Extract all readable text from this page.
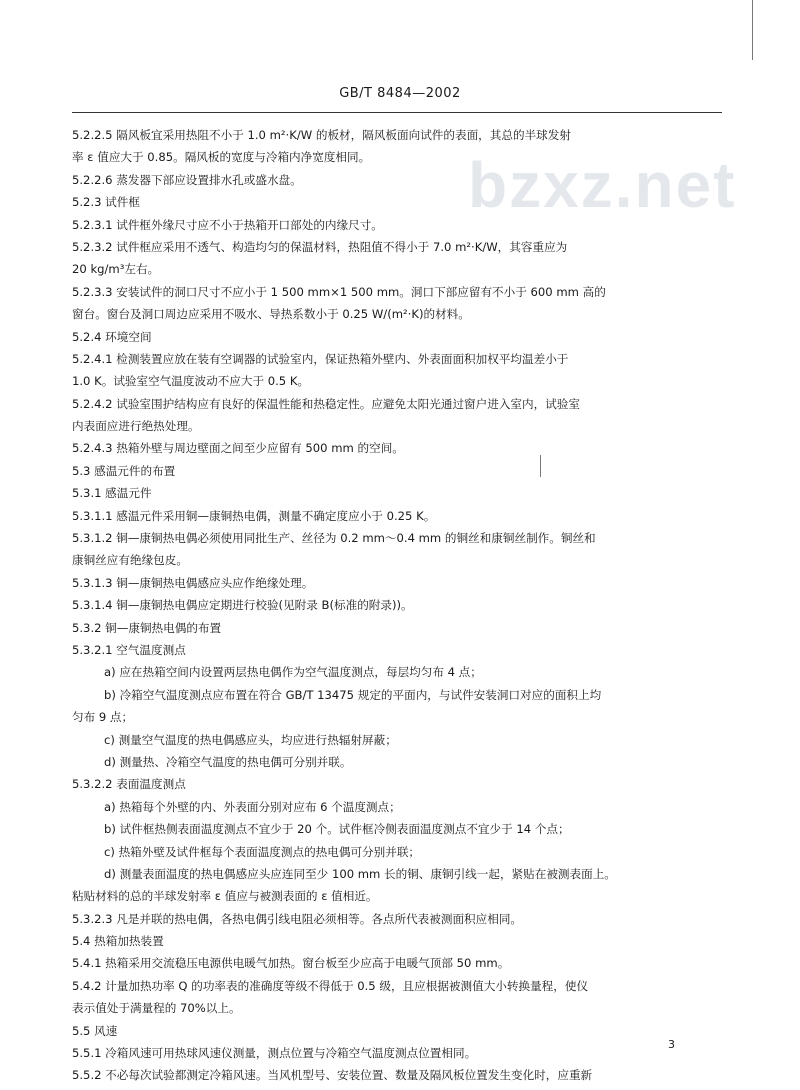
GB/T 8484—2002
bzxz.net
5.2.2.5 隔风板宜采用热阻不小于 1.0 m²·K/W 的板材，隔风板面向试件的表面，其总的半球发射
率 ε 值应大于 0.85。隔风板的宽度与冷箱内净宽度相同。
5.2.2.6 蒸发器下部应设置排水孔或盛水盘。
5.2.3 试件框
5.2.3.1 试件框外缘尺寸应不小于热箱开口部处的内缘尺寸。
5.2.3.2 试件框应采用不透气、构造均匀的保温材料，热阻值不得小于 7.0 m²·K/W，其容重应为
20 kg/m³左右。
5.2.3.3 安装试件的洞口尺寸不应小于 1 500 mm×1 500 mm。洞口下部应留有不小于 600 mm 高的
窗台。窗台及洞口周边应采用不吸水、导热系数小于 0.25 W/(m²·K)的材料。
5.2.4 环境空间
5.2.4.1 检测装置应放在装有空调器的试验室内，保证热箱外壁内、外表面面积加权平均温差小于
1.0 K。试验室空气温度波动不应大于 0.5 K。
5.2.4.2 试验室围护结构应有良好的保温性能和热稳定性。应避免太阳光通过窗户进入室内，试验室
内表面应进行绝热处理。
5.2.4.3 热箱外壁与周边壁面之间至少应留有 500 mm 的空间。
5.3 感温元件的布置
5.3.1 感温元件
5.3.1.1 感温元件采用铜—康铜热电偶，测量不确定度应小于 0.25 K。
5.3.1.2 铜—康铜热电偶必须使用同批生产、丝径为 0.2 mm～0.4 mm 的铜丝和康铜丝制作。铜丝和
康铜丝应有绝缘包皮。
5.3.1.3 铜—康铜热电偶感应头应作绝缘处理。
5.3.1.4 铜—康铜热电偶应定期进行校验(见附录 B(标准的附录))。
5.3.2 铜—康铜热电偶的布置
5.3.2.1 空气温度测点
a) 应在热箱空间内设置两层热电偶作为空气温度测点，每层均匀布 4 点；
b) 冷箱空气温度测点应布置在符合 GB/T 13475 规定的平面内，与试件安装洞口对应的面积上均
匀布 9 点；
c) 测量空气温度的热电偶感应头，均应进行热辐射屏蔽；
d) 测量热、冷箱空气温度的热电偶可分别并联。
5.3.2.2 表面温度测点
a) 热箱每个外壁的内、外表面分别对应布 6 个温度测点；
b) 试件框热侧表面温度测点不宜少于 20 个。试件框冷侧表面温度测点不宜少于 14 个点；
c) 热箱外壁及试件框每个表面温度测点的热电偶可分别并联；
d) 测量表面温度的热电偶感应头应连同至少 100 mm 长的铜、康铜引线一起，紧贴在被测表面上。
粘贴材料的总的半球发射率 ε 值应与被测表面的 ε 值相近。
5.3.2.3 凡是并联的热电偶，各热电偶引线电阻必须相等。各点所代表被测面积应相同。
5.4 热箱加热装置
5.4.1 热箱采用交流稳压电源供电暖气加热。窗台板至少应高于电暖气顶部 50 mm。
5.4.2 计量加热功率 Q 的功率表的准确度等级不得低于 0.5 级，且应根据被测值大小转换量程，使仪
表示值处于满量程的 70%以上。
5.5 风速
5.5.1 冷箱风速可用热球风速仪测量，测点位置与冷箱空气温度测点位置相同。
5.5.2 不必每次试验都测定冷箱风速。当风机型号、安装位置、数量及隔风板位置发生变化时，应重新
3
